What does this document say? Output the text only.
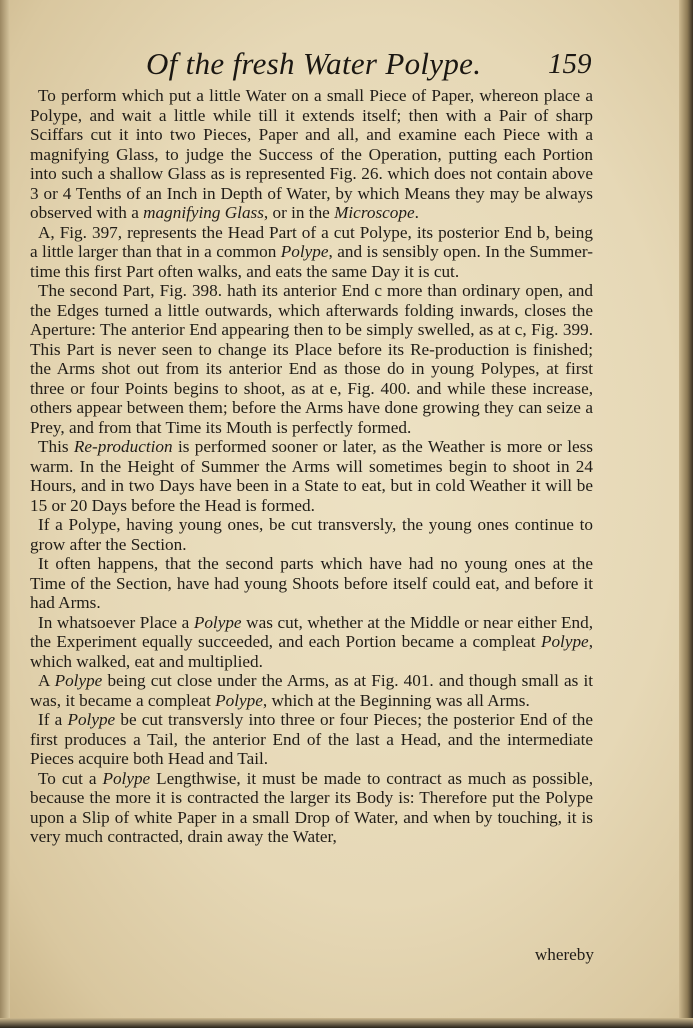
Of the fresh Water Polype. 159

To perform which put a little Water on a small Piece of Paper, whereon place a Polype, and wait a little while till it extends itself; then with a Pair of sharp Sciffars cut it into two Pieces, Paper and all, and examine each Piece with a magnifying Glass, to judge the Success of the Operation, putting each Portion into such a shallow Glass as is represented Fig. 26. which does not contain above 3 or 4 Tenths of an Inch in Depth of Water, by which Means they may be always observed with a magnifying Glass, or in the Microscope.

A, Fig. 397, represents the Head Part of a cut Polype, its posterior End b, being a little larger than that in a common Polype, and is sensibly open. In the Summer-time this first Part often walks, and eats the same Day it is cut.

The second Part, Fig. 398. hath its anterior End c more than ordinary open, and the Edges turned a little outwards, which afterwards folding inwards, closes the Aperture: The anterior End appearing then to be simply swelled, as at c, Fig. 399. This Part is never seen to change its Place before its Re-production is finished; the Arms shot out from its anterior End as those do in young Polypes, at first three or four Points begins to shoot, as at e, Fig. 400. and while these increase, others appear between them; before the Arms have done growing they can seize a Prey, and from that Time its Mouth is perfectly formed.

This Re-production is performed sooner or later, as the Weather is more or less warm. In the Height of Summer the Arms will sometimes begin to shoot in 24 Hours, and in two Days have been in a State to eat, but in cold Weather it will be 15 or 20 Days before the Head is formed.

If a Polype, having young ones, be cut transversly, the young ones continue to grow after the Section.

It often happens, that the second parts which have had no young ones at the Time of the Section, have had young Shoots before itself could eat, and before it had Arms.

In whatsoever Place a Polype was cut, whether at the Middle or near either End, the Experiment equally succeeded, and each Portion became a compleat Polype, which walked, eat and multiplied.

A Polype being cut close under the Arms, as at Fig. 401. and though small as it was, it became a compleat Polype, which at the Beginning was all Arms.

If a Polype be cut transversly into three or four Pieces; the posterior End of the first produces a Tail, the anterior End of the last a Head, and the intermediate Pieces acquire both Head and Tail.

To cut a Polype Lengthwise, it must be made to contract as much as possible, because the more it is contracted the larger its Body is: Therefore put the Polype upon a Slip of white Paper in a small Drop of Water, and when by touching, it is very much contracted, drain away the Water,

whereby
